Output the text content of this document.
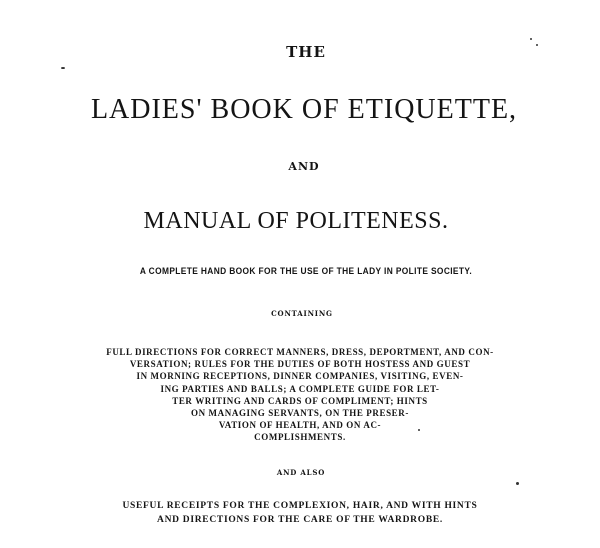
THE

LADIES' BOOK OF ETIQUETTE,

AND

MANUAL OF POLITENESS.

A COMPLETE HAND BOOK FOR THE USE OF THE LADY IN POLITE SOCIETY.

CONTAINING

FULL DIRECTIONS FOR CORRECT MANNERS, DRESS, DEPORTMENT, AND CON-
VERSATION; RULES FOR THE DUTIES OF BOTH HOSTESS AND GUEST
IN MORNING RECEPTIONS, DINNER COMPANIES, VISITING, EVEN-
ING PARTIES AND BALLS; A COMPLETE GUIDE FOR LET-
TER WRITING AND CARDS OF COMPLIMENT; HINTS
ON MANAGING SERVANTS, ON THE PRESER-
VATION OF HEALTH, AND ON AC-
COMPLISHMENTS.

AND ALSO

USEFUL RECEIPTS FOR THE COMPLEXION, HAIR, AND WITH HINTS
AND DIRECTIONS FOR THE CARE OF THE WARDROBE.
